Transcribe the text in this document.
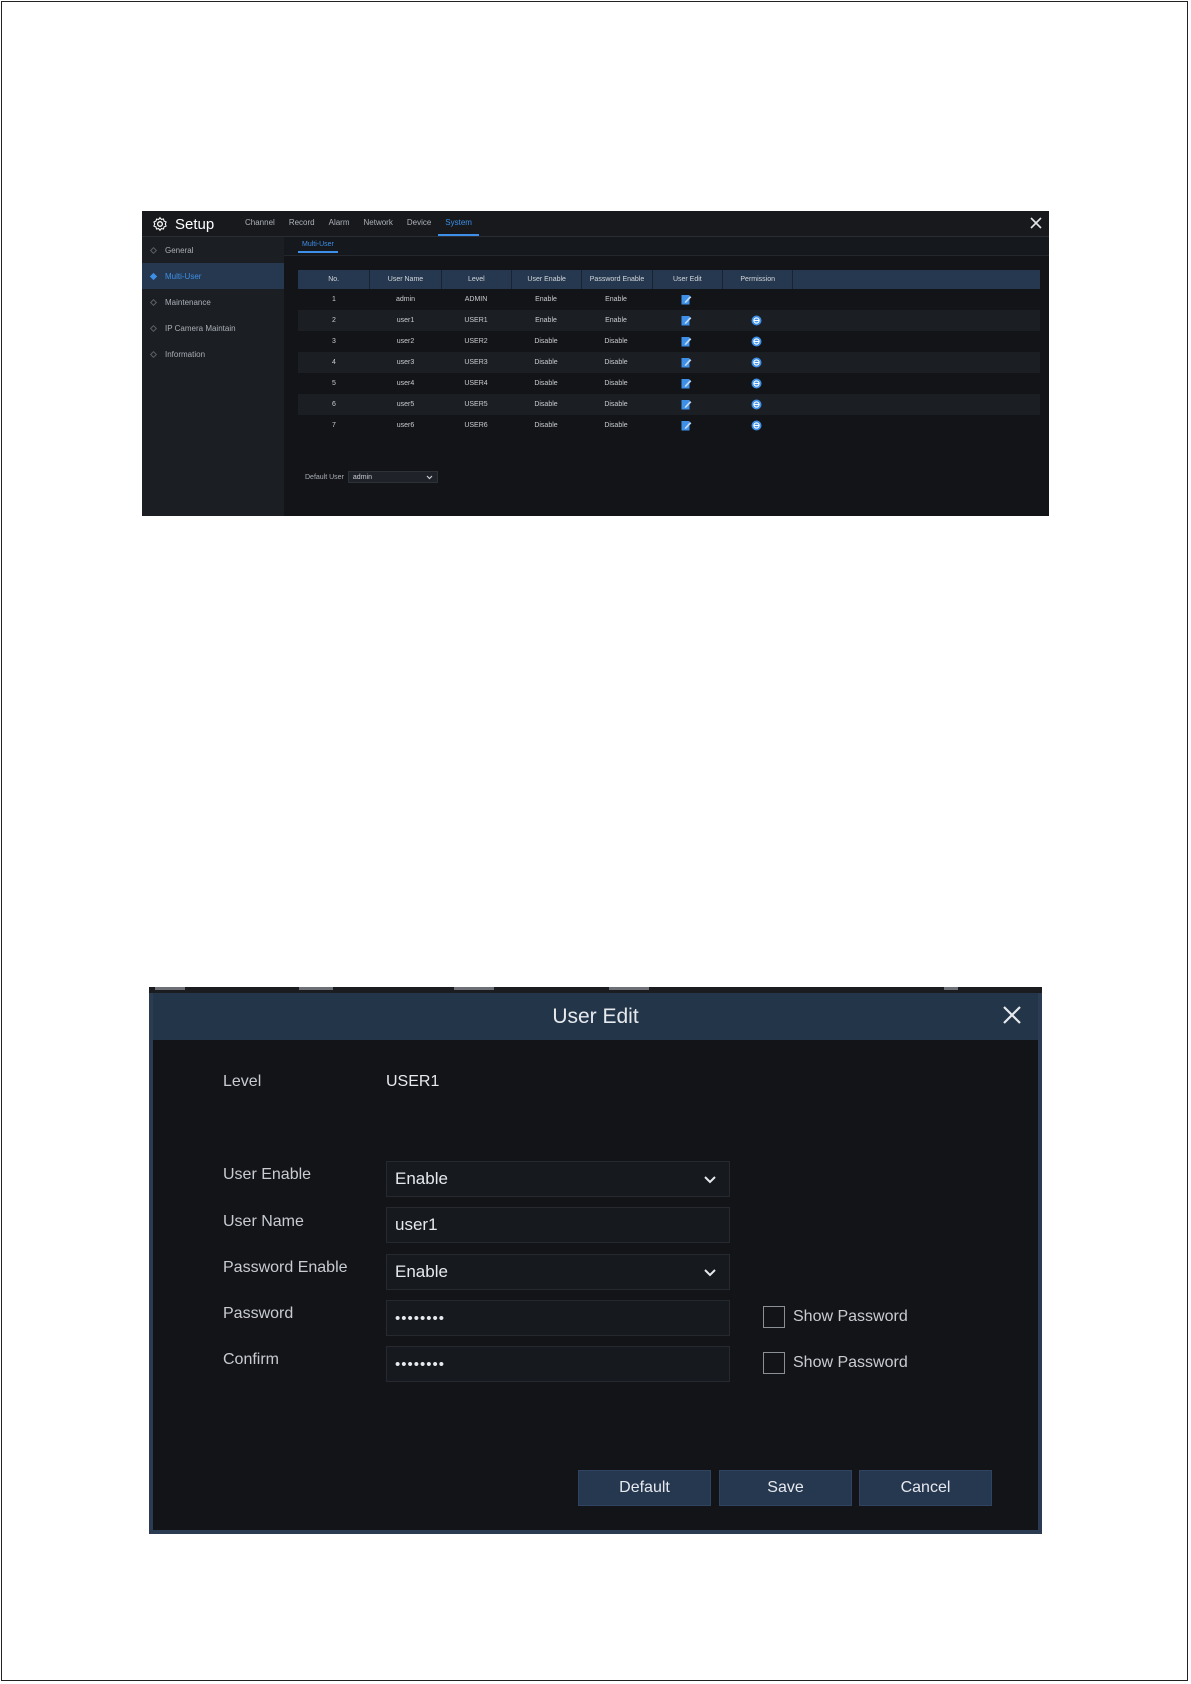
Setup	Channel	Record	Alarm	Network	Device	System
General
Multi-User
Maintenance
IP Camera Maintain
Information
Multi-User
No.	User Name	Level	User Enable	Password Enable	User Edit	Permission
1	admin	ADMIN	Enable	Enable
2	user1	USER1	Enable	Enable
3	user2	USER2	Disable	Disable
4	user3	USER3	Disable	Disable
5	user4	USER4	Disable	Disable
6	user5	USER5	Disable	Disable
7	user6	USER6	Disable	Disable
Default User admin
User Edit
Level	USER1
User Enable	Enable
User Name	user1
Password Enable	Enable
Password	••••••••	Show Password
Confirm	••••••••	Show Password
Default	Save	Cancel
